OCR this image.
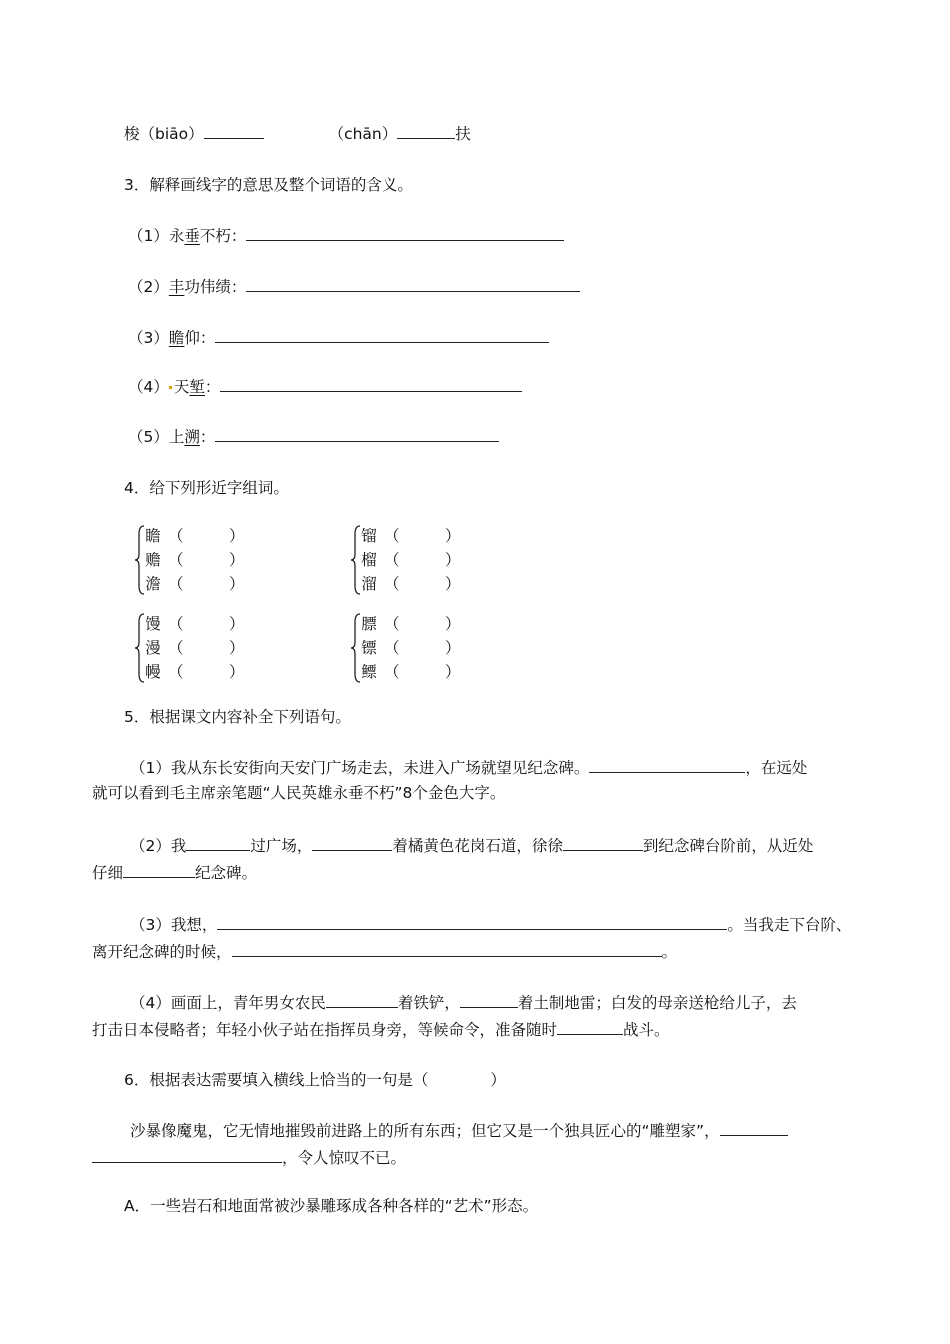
梭（biāo）	（chān）	扶
3．解释画线字的意思及整个词语的含义。
（1）永垂不朽：
（2）丰功伟绩：
（3）瞻仰：
（4） 天堑：
（5）上溯：
4．给下列形近字组词。
瞻 （	）
赡 （	）
澹 （	）
镏 （	）
榴 （	）
溜 （	）
馒 （	）
漫 （	）
幔 （	）
膘 （	）
镖 （	）
鳔 （	）
5．根据课文内容补全下列语句。
（1）我从东长安街向天安门广场走去，未进入广场就望见纪念碑。	，在远处
就可以看到毛主席亲笔题“人民英雄永垂不朽”8个金色大字。
（2）我	过广场，	着橘黄色花岗石道，徐徐	到纪念碑台阶前，从近处
仔细	纪念碑。
（3）我想，	。当我走下台阶、
离开纪念碑的时候，	。
（4）画面上，青年男女农民	着铁铲，	着土制地雷；白发的母亲送枪给儿子，去
打击日本侵略者；年轻小伙子站在指挥员身旁，等候命令，准备随时	战斗。
6．根据表达需要填入横线上恰当的一句是（　　　　）
沙暴像魔鬼，它无情地摧毁前进路上的所有东西；但它又是一个独具匠心的“雕塑家”，
，令人惊叹不已。
A．一些岩石和地面常被沙暴雕琢成各种各样的“艺术”形态。
